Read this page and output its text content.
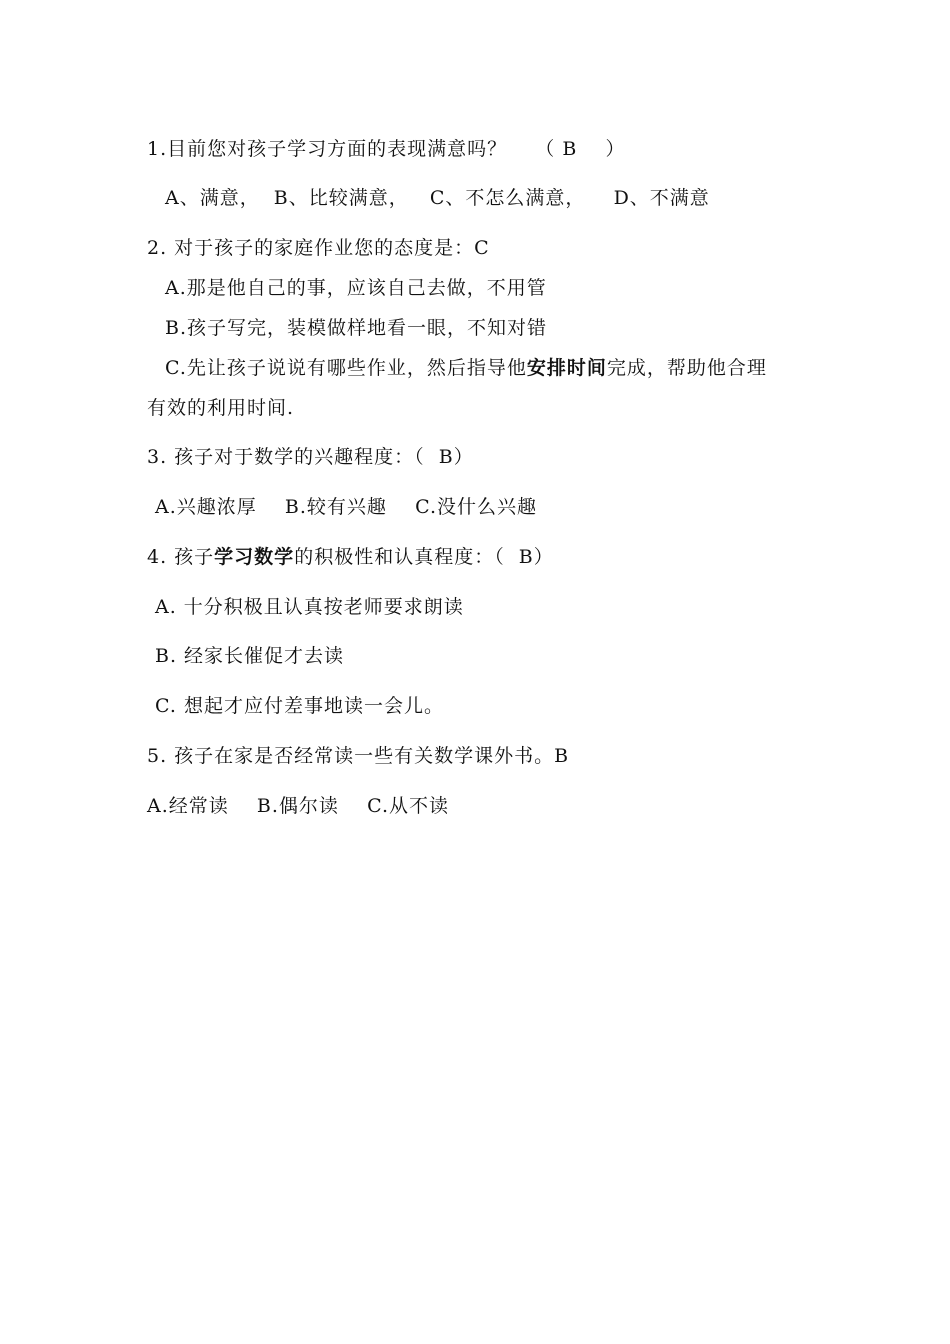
1.目前您对孩子学习方面的表现满意吗？    （ B    ）
A、满意，  B、比较满意，   C、不怎么满意，    D、不满意
2. 对于孩子的家庭作业您的态度是：C
A.那是他自己的事，应该自己去做，不用管
B.孩子写完，装模做样地看一眼，不知对错
C.先让孩子说说有哪些作业，然后指导他安排时间完成，帮助他合理
有效的利用时间.
3. 孩子对于数学的兴趣程度：（  B）
A.兴趣浓厚    B.较有兴趣    C.没什么兴趣
4. 孩子学习数学的积极性和认真程度：（  B）
A. 十分积极且认真按老师要求朗读
B. 经家长催促才去读
C. 想起才应付差事地读一会儿。
5. 孩子在家是否经常读一些有关数学课外书。B
A.经常读    B.偶尔读    C.从不读
